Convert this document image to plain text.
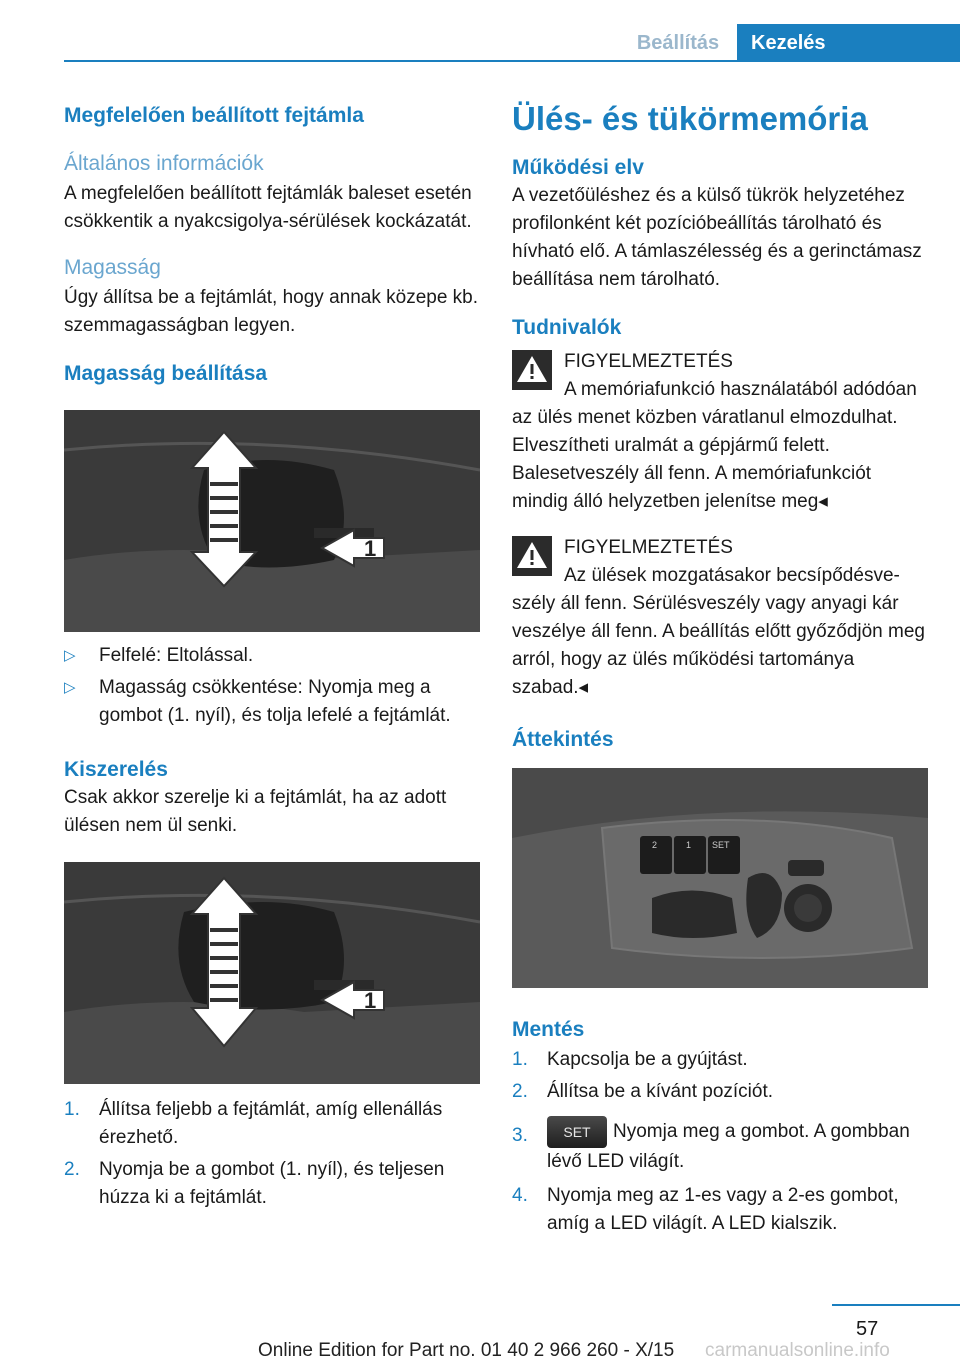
Beállítás	Kezelés
Megfelelően beállított fejtámla
Általános információk

A megfelelően beállított fejtámlák baleset esetén csökkentik a nyakcsigolya-sérülések kockázatát.

Magasság

Úgy állítsa be a fejtámlát, hogy annak közepe kb. szemmagasságban legyen.

Magasság beállítása
1
▷ Felfelé: Eltolással.
▷ Magasság csökkentése: Nyomja meg a gombot (1. nyíl), és tolja lefelé a fejtámlát.
Kiszerelés

Csak akkor szerelje ki a fejtámlát, ha az adott ülésen nem ül senki.

1
1. Állítsa feljebb a fejtámlát, amíg ellenállás érezhető.
2. Nyomja be a gombot (1. nyíl), és teljesen húzza ki a fejtámlát.
Ülés- és tükörmemória
Működési elv

A vezetőüléshez és a külső tükrök helyzetéhez profilonként két pozícióbeállítás tárolható és hívható elő. A támlaszélesség és a gerinctámasz beállítása nem tárolható.

Tudnivalók
FIGYELMEZTETÉS
A memóriafunkció használatából adódóan az ülés menet közben váratlanul elmozdulhat. Elveszítheti uralmát a gépjármű felett. Balesetveszély áll fenn. A memóriafunkciót mindig álló helyzetben jelenítse meg◂
FIGYELMEZTETÉS
Az ülések mozgatásakor becsípődésveszély áll fenn. Sérülésveszély vagy anyagi kár veszélye áll fenn. A beállítás előtt győződjön meg arról, hogy az ülés működési tartománya szabad.◂
Áttekintés
2	1 SET
Mentés
1. Kapcsolja be a gyújtást.
2. Állítsa be a kívánt pozíciót.
3.	SET Nyomja meg a gombot. A gombban lévő LED világít.
4. Nyomja meg az 1-es vagy a 2-es gombot, amíg a LED világít. A LED kialszik.
57
Online Edition for Part no. 01 40 2 966 260 - X/15 carmanualsonline.info
